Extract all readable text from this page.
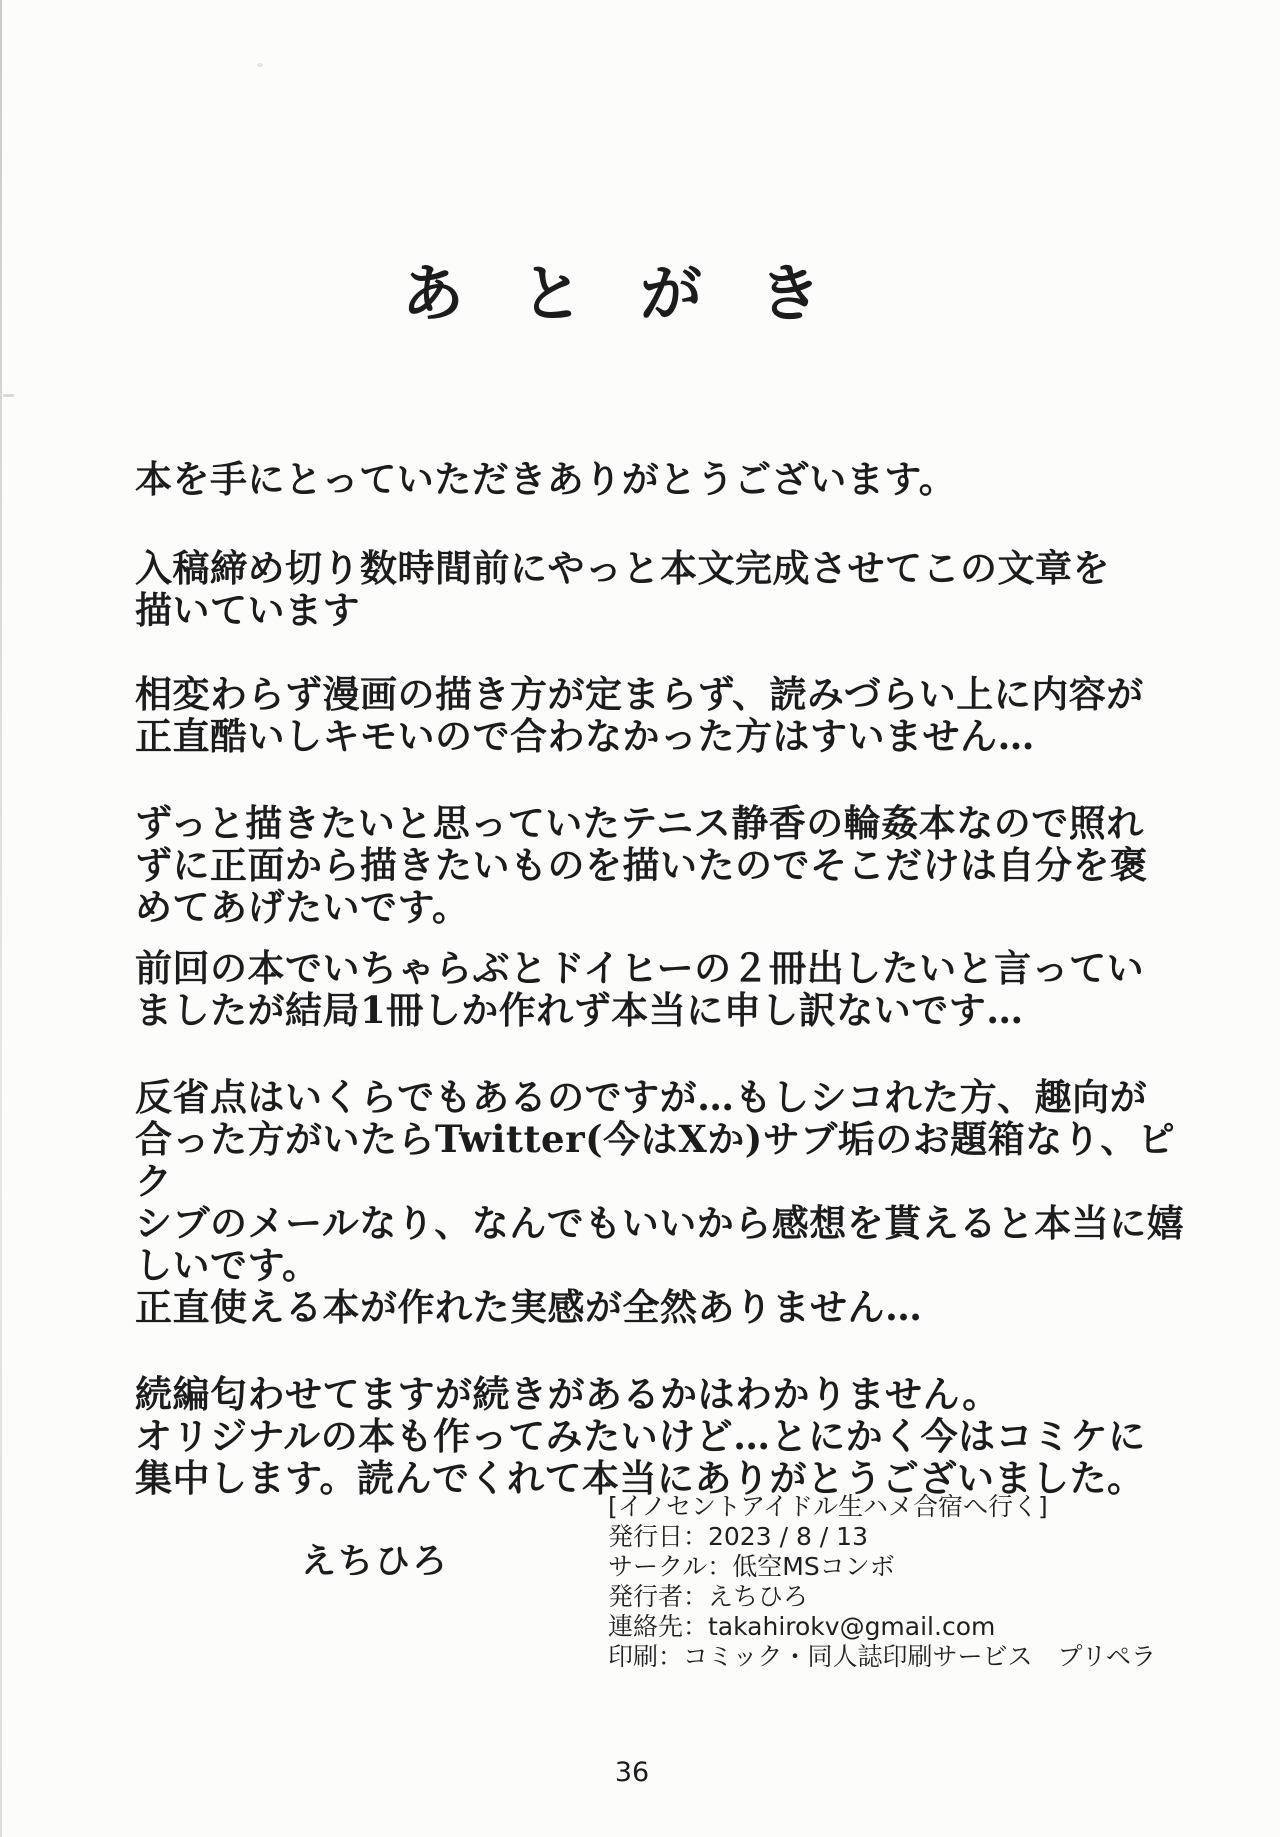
あとがき

本を手にとっていただきありがとうございます。

入稿締め切り数時間前にやっと本文完成させてこの文章を
描いています

相変わらず漫画の描き方が定まらず、読みづらい上に内容が
正直酷いしキモいので合わなかった方はすいません…

ずっと描きたいと思っていたテニス静香の輪姦本なので照れ
ずに正面から描きたいものを描いたのでそこだけは自分を褒
めてあげたいです。

前回の本でいちゃらぶとドイヒーの２冊出したいと言ってい
ましたが結局1冊しか作れず本当に申し訳ないです…

反省点はいくらでもあるのですが…もしシコれた方、趣向が
合った方がいたらTwitter(今はXか)サブ垢のお題箱なり、ピク
シブのメールなり、なんでもいいから感想を貰えると本当に嬉
しいです。
正直使える本が作れた実感が全然ありません…

続編匂わせてますが続きがあるかはわかりません。
オリジナルの本も作ってみたいけど…とにかく今はコミケに
集中します。読んでくれて本当にありがとうございました。

えちひろ
[イノセントアイドル生ハメ合宿へ行く]
発行日：2023 / 8 / 13
サークル：低空MSコンボ
発行者：えちひろ
連絡先：takahirokv@gmail.com
印刷：コミック・同人誌印刷サービス　プリペラ
36
